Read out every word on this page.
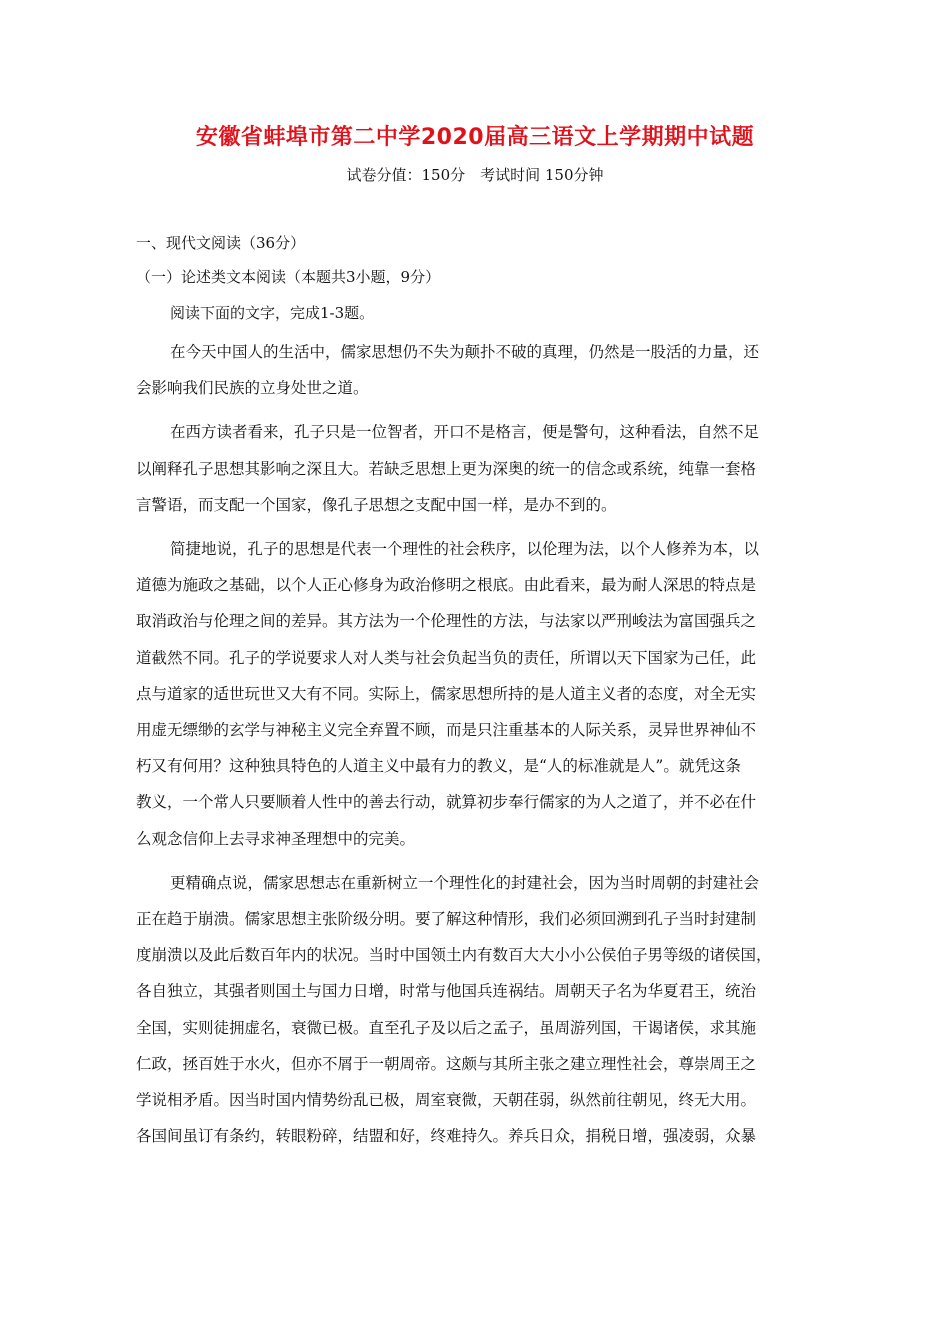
安徽省蚌埠市第二中学2020届高三语文上学期期中试题
试卷分值：150分　考试时间 150分钟
一、现代文阅读（36分）
（一）论述类文本阅读（本题共3小题，9分）
阅读下面的文字，完成1-3题。

在今天中国人的生活中，儒家思想仍不失为颠扑不破的真理，仍然是一股活的力量，还
会影响我们民族的立身处世之道。

在西方读者看来，孔子只是一位智者，开口不是格言，便是警句，这种看法，自然不足
以阐释孔子思想其影响之深且大。若缺乏思想上更为深奥的统一的信念或系统，纯靠一套格
言警语，而支配一个国家，像孔子思想之支配中国一样，是办不到的。

简捷地说，孔子的思想是代表一个理性的社会秩序，以伦理为法，以个人修养为本，以
道德为施政之基础，以个人正心修身为政治修明之根底。由此看来，最为耐人深思的特点是
取消政治与伦理之间的差异。其方法为一个伦理性的方法，与法家以严刑峻法为富国强兵之
道截然不同。孔子的学说要求人对人类与社会负起当负的责任，所谓以天下国家为己任，此
点与道家的适世玩世又大有不同。实际上，儒家思想所持的是人道主义者的态度，对全无实
用虚无缥缈的玄学与神秘主义完全弃置不顾，而是只注重基本的人际关系，灵异世界神仙不
朽又有何用？这种独具特色的人道主义中最有力的教义，是“人的标准就是人”。就凭这条
教义，一个常人只要顺着人性中的善去行动，就算初步奉行儒家的为人之道了，并不必在什
么观念信仰上去寻求神圣理想中的完美。

更精确点说，儒家思想志在重新树立一个理性化的封建社会，因为当时周朝的封建社会
正在趋于崩溃。儒家思想主张阶级分明。要了解这种情形，我们必须回溯到孔子当时封建制
度崩溃以及此后数百年内的状况。当时中国领土内有数百大大小小公侯伯子男等级的诸侯国，
各自独立，其强者则国土与国力日增，时常与他国兵连祸结。周朝天子名为华夏君王，统治
全国，实则徒拥虚名，衰微已极。直至孔子及以后之孟子，虽周游列国，干谒诸侯，求其施
仁政，拯百姓于水火，但亦不屑于一朝周帝。这颇与其所主张之建立理性社会，尊崇周王之
学说相矛盾。因当时国内情势纷乱已极，周室衰微，天朝荏弱，纵然前往朝见，终无大用。
各国间虽订有条约，转眼粉碎，结盟和好，终难持久。养兵日众，捐税日增，强凌弱，众暴
